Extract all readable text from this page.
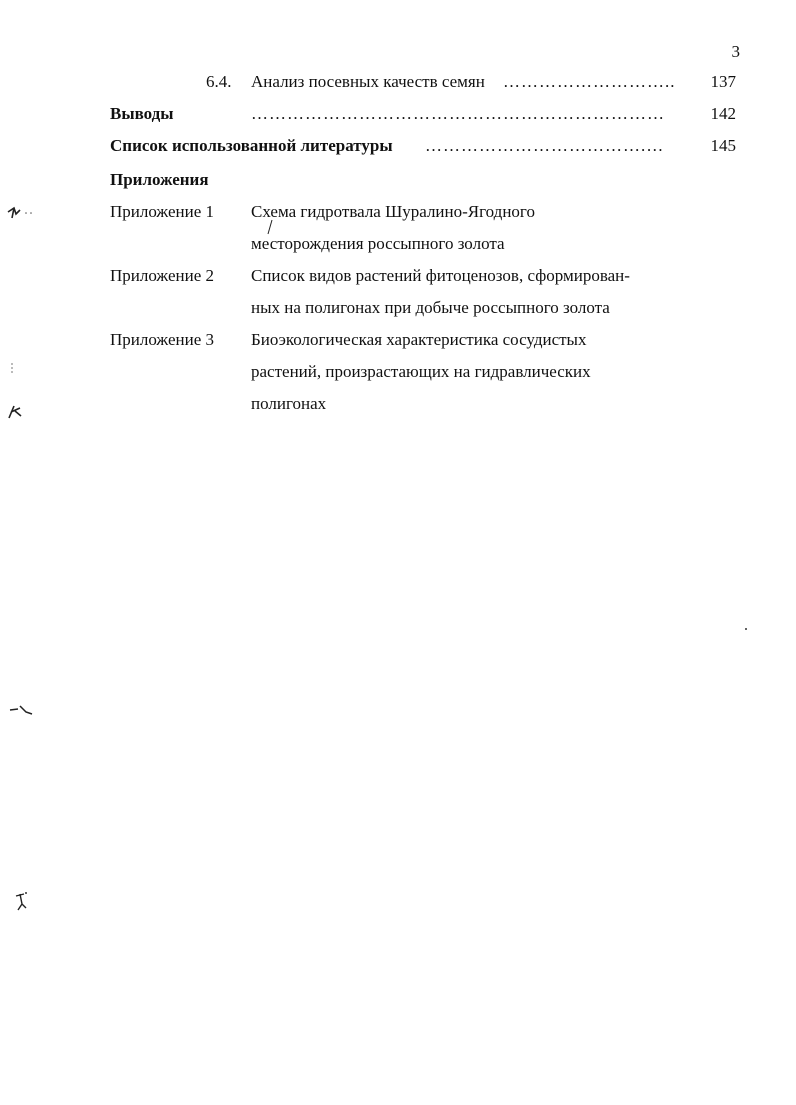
3
6.4. Анализ посевных качеств семян ………………………..	137
Выводы	……………………………………………………………	142
Список использованной литературы ……………………………….…	145
Приложения
Приложение 1 Схема гидротвала Шуралино-Ягодного
месторождения россыпного золота
Приложение 2 Список видов растений фитоценозов, сформирован-
ных на полигонах при добыче россыпного золота
Приложение 3 Биоэкологическая характеристика сосудистых
растений, произрастающих на гидравлических
полигонах
